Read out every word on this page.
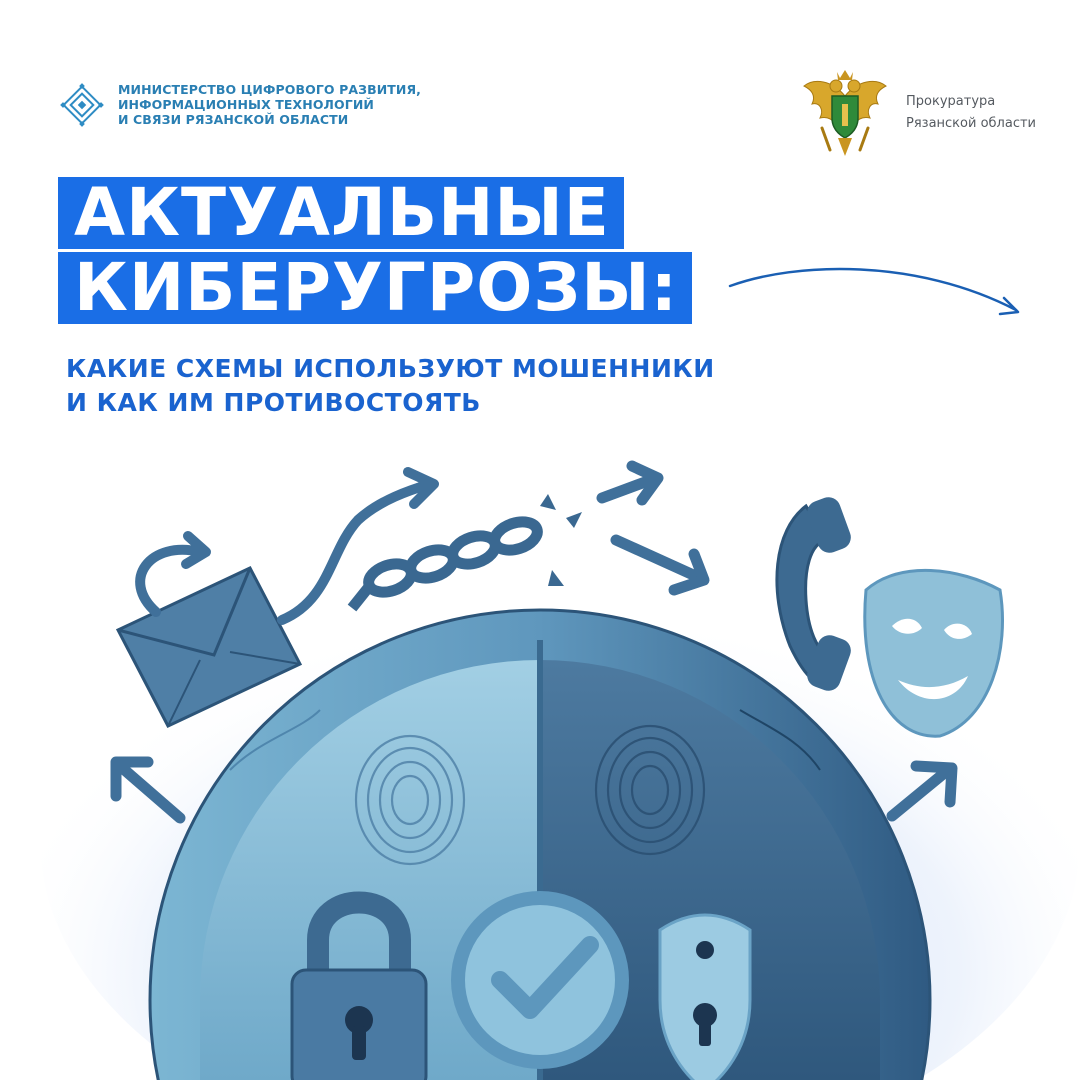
МИНИСТЕРСТВО ЦИФРОВОГО РАЗВИТИЯ,
ИНФОРМАЦИОННЫХ ТЕХНОЛОГИЙ
И СВЯЗИ РЯЗАНСКОЙ ОБЛАСТИ
Прокуратура
Рязанской области
АКТУАЛЬНЫЕ
КИБЕРУГРОЗЫ:
КАКИЕ СХЕМЫ ИСПОЛЬЗУЮТ МОШЕННИКИ
И КАК ИМ ПРОТИВОСТОЯТЬ
